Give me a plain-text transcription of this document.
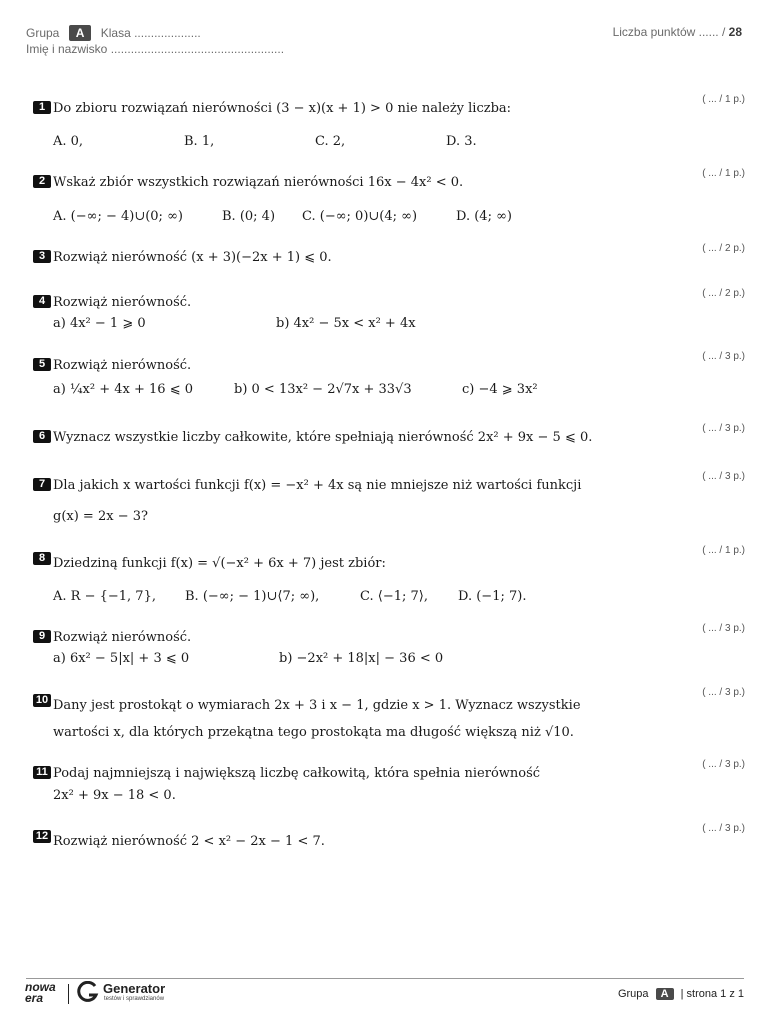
Grupa A Klasa ....................
Imię i nazwisko ....................................................
Liczba punktów ...... / 28
1 Do zbioru rozwiązań nierówności (3 − x)(x + 1) > 0 nie należy liczba:
( ... / 1 p.)
A. 0,	B. 1,	C. 2,	D. 3.
2 Wskaż zbiór wszystkich rozwiązań nierówności 16x − 4x² < 0.
( ... / 1 p.)
A. (−∞; − 4)∪(0; ∞)	B. (0; 4) C. (−∞; 0)∪(4; ∞)	D. (4; ∞)
3 Rozwiąż nierówność (x + 3)(−2x + 1) ⩽ 0.
( ... / 2 p.)
4 Rozwiąż nierówność.
( ... / 2 p.)
a) 4x² − 1 ⩾ 0	b) 4x² − 5x < x² + 4x
5 Rozwiąż nierówność.
( ... / 3 p.)
a) ¼x² + 4x + 16 ⩽ 0	b) 0 < 13x² − 2√7x + 33√3	c) −4 ⩾ 3x²
6 Wyznacz wszystkie liczby całkowite, które spełniają nierówność 2x² + 9x − 5 ⩽ 0.
( ... / 3 p.)
7 Dla jakich x wartości funkcji f(x) = −x² + 4x są nie mniejsze niż wartości funkcji
( ... / 3 p.)
g(x) = 2x − 3?
8 Dziedziną funkcji f(x) = √(−x² + 6x + 7) jest zbiór:
( ... / 1 p.)
A. R − {−1, 7}, B. (−∞; − 1)∪⟨7; ∞),	C. ⟨−1; 7⟩, D. (−1; 7).
9 Rozwiąż nierówność.
( ... / 3 p.)
a) 6x² − 5|x| + 3 ⩽ 0	b) −2x² + 18|x| − 36 < 0
10 Dany jest prostokąt o wymiarach 2x + 3 i x − 1, gdzie x > 1. Wyznacz wszystkie
( ... / 3 p.)
wartości x, dla których przekątna tego prostokąta ma długość większą niż √10.
11 Podaj najmniejszą i największą liczbę całkowitą, która spełnia nierówność
( ... / 3 p.)
2x² + 9x − 18 < 0.
12 Rozwiąż nierówność 2 < x² − 2x − 1 < 7.
( ... / 3 p.)
nowa era
Generator
testów i sprawdzianów	Grupa A | strona 1 z 1
